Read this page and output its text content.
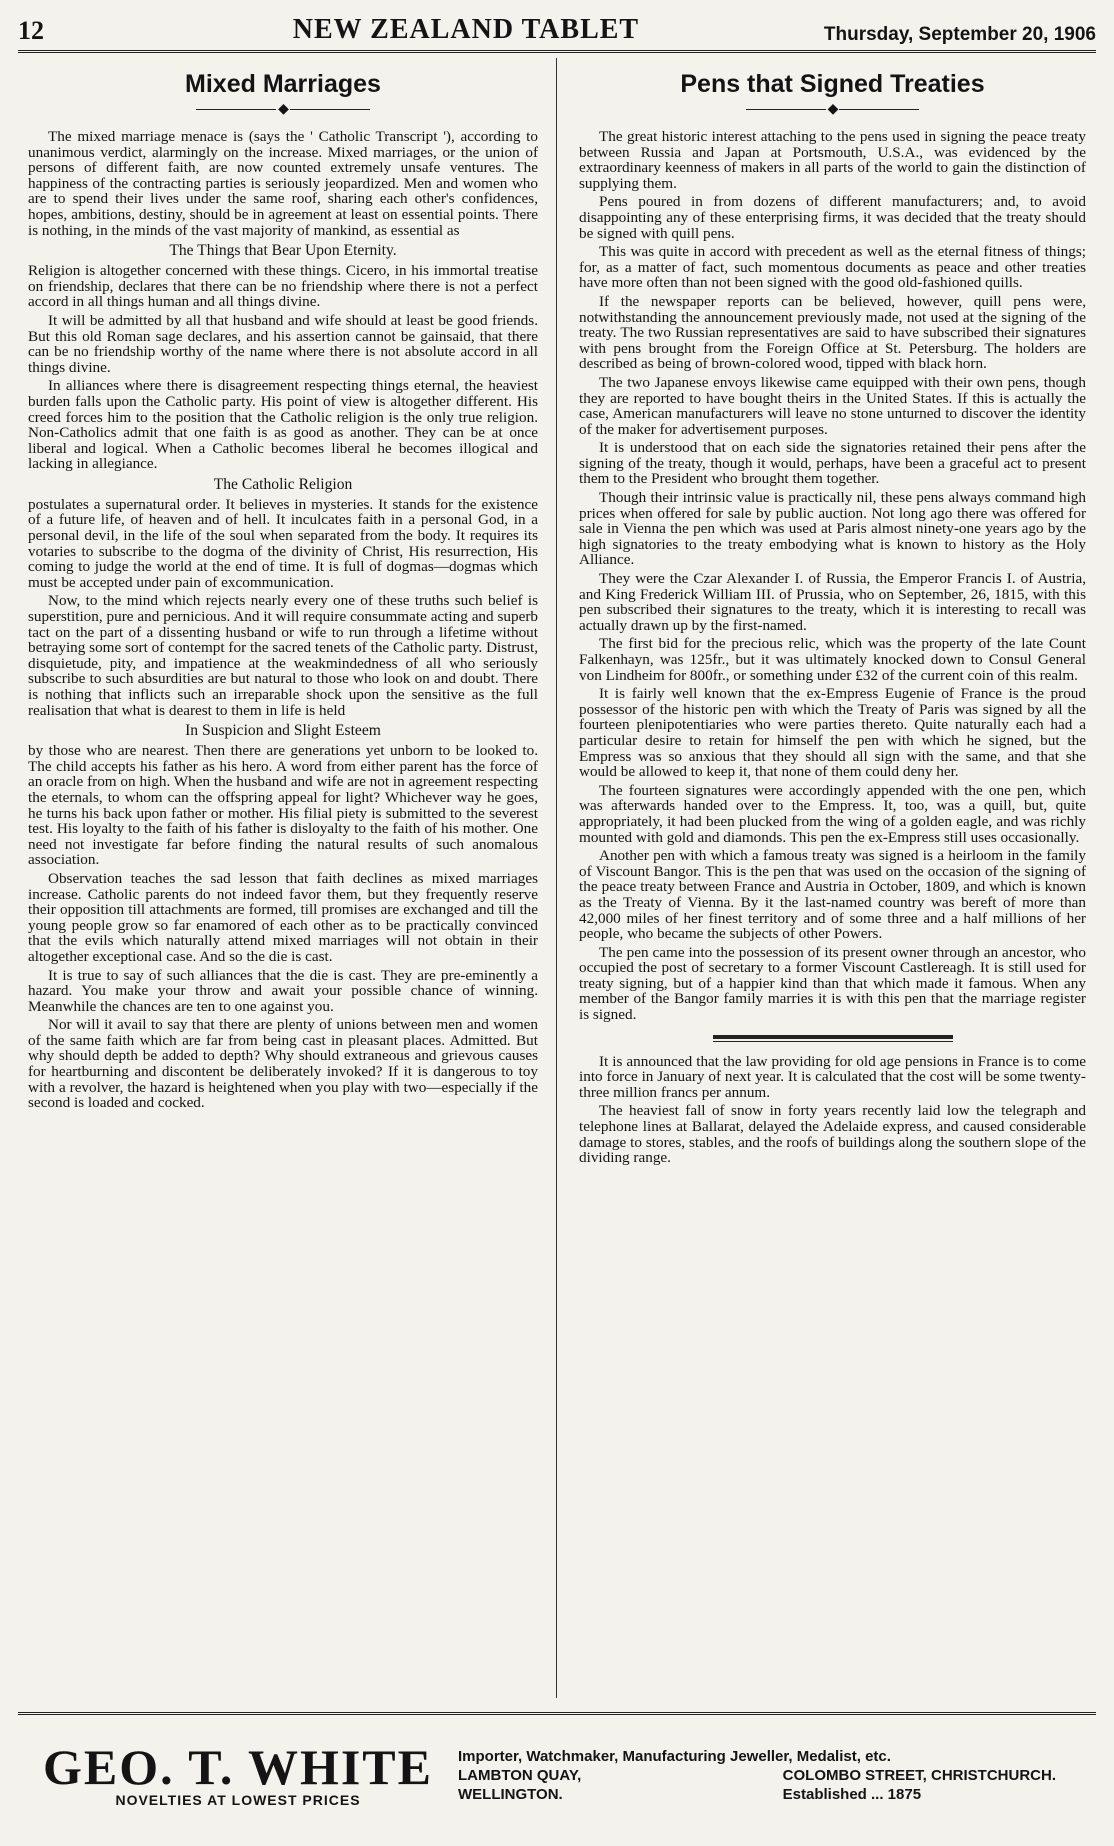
12	NEW ZEALAND TABLET	Thursday, September 20, 1906
Mixed Marriages
◆

The mixed marriage menace is (says the ' Catholic Transcript '), according to unanimous verdict, alarmingly on the increase. Mixed marriages, or the union of persons of different faith, are now counted extremely unsafe ventures. The happiness of the contracting parties is seriously jeopardized. Men and women who are to spend their lives under the same roof, sharing each other's confidences, hopes, ambitions, destiny, should be in agreement at least on essential points. There is nothing, in the minds of the vast majority of mankind, as essential as

The Things that Bear Upon Eternity.

Religion is altogether concerned with these things. Cicero, in his immortal treatise on friendship, declares that there can be no friendship where there is not a perfect accord in all things human and all things divine.

It will be admitted by all that husband and wife should at least be good friends. But this old Roman sage declares, and his assertion cannot be gainsaid, that there can be no friendship worthy of the name where there is not absolute accord in all things divine.

In alliances where there is disagreement respecting things eternal, the heaviest burden falls upon the Catholic party. His point of view is altogether different. His creed forces him to the position that the Catholic religion is the only true religion. Non-Catholics admit that one faith is as good as another. They can be at once liberal and logical. When a Catholic becomes liberal he becomes illogical and lacking in allegiance.

The Catholic Religion

postulates a supernatural order. It believes in mysteries. It stands for the existence of a future life, of heaven and of hell. It inculcates faith in a personal God, in a personal devil, in the life of the soul when separated from the body. It requires its votaries to subscribe to the dogma of the divinity of Christ, His resurrection, His coming to judge the world at the end of time. It is full of dogmas—dogmas which must be accepted under pain of excommunication.

Now, to the mind which rejects nearly every one of these truths such belief is superstition, pure and pernicious. And it will require consummate acting and superb tact on the part of a dissenting husband or wife to run through a lifetime without betraying some sort of contempt for the sacred tenets of the Catholic party. Distrust, disquietude, pity, and impatience at the weakmindedness of all who seriously subscribe to such absurdities are but natural to those who look on and doubt. There is nothing that inflicts such an irreparable shock upon the sensitive as the full realisation that what is dearest to them in life is held

In Suspicion and Slight Esteem

by those who are nearest. Then there are generations yet unborn to be looked to. The child accepts his father as his hero. A word from either parent has the force of an oracle from on high. When the husband and wife are not in agreement respecting the eternals, to whom can the offspring appeal for light? Whichever way he goes, he turns his back upon father or mother. His filial piety is submitted to the severest test. His loyalty to the faith of his father is disloyalty to the faith of his mother. One need not investigate far before finding the natural results of such anomalous association.

Observation teaches the sad lesson that faith declines as mixed marriages increase. Catholic parents do not indeed favor them, but they frequently reserve their opposition till attachments are formed, till promises are exchanged and till the young people grow so far enamored of each other as to be practically convinced that the evils which naturally attend mixed marriages will not obtain in their altogether exceptional case. And so the die is cast.

It is true to say of such alliances that the die is cast. They are pre-eminently a hazard. You make your throw and await your possible chance of winning. Meanwhile the chances are ten to one against you.

Nor will it avail to say that there are plenty of unions between men and women of the same faith which are far from being cast in pleasant places. Admitted. But why should depth be added to depth? Why should extraneous and grievous causes for heartburning and discontent be deliberately invoked? If it is dangerous to toy with a revolver, the hazard is heightened when you play with two—especially if the second is loaded and cocked.

Pens that Signed Treaties
◆

The great historic interest attaching to the pens used in signing the peace treaty between Russia and Japan at Portsmouth, U.S.A., was evidenced by the extraordinary keenness of makers in all parts of the world to gain the distinction of supplying them.

Pens poured in from dozens of different manufacturers; and, to avoid disappointing any of these enterprising firms, it was decided that the treaty should be signed with quill pens.

This was quite in accord with precedent as well as the eternal fitness of things; for, as a matter of fact, such momentous documents as peace and other treaties have more often than not been signed with the good old-fashioned quills.

If the newspaper reports can be believed, however, quill pens were, notwithstanding the announcement previously made, not used at the signing of the treaty. The two Russian representatives are said to have subscribed their signatures with pens brought from the Foreign Office at St. Petersburg. The holders are described as being of brown-colored wood, tipped with black horn.

The two Japanese envoys likewise came equipped with their own pens, though they are reported to have bought theirs in the United States. If this is actually the case, American manufacturers will leave no stone unturned to discover the identity of the maker for advertisement purposes.

It is understood that on each side the signatories retained their pens after the signing of the treaty, though it would, perhaps, have been a graceful act to present them to the President who brought them together.

Though their intrinsic value is practically nil, these pens always command high prices when offered for sale by public auction. Not long ago there was offered for sale in Vienna the pen which was used at Paris almost ninety-one years ago by the high signatories to the treaty embodying what is known to history as the Holy Alliance.

They were the Czar Alexander I. of Russia, the Emperor Francis I. of Austria, and King Frederick William III. of Prussia, who on September, 26, 1815, with this pen subscribed their signatures to the treaty, which it is interesting to recall was actually drawn up by the first-named.

The first bid for the precious relic, which was the property of the late Count Falkenhayn, was 125fr., but it was ultimately knocked down to Consul General von Lindheim for 800fr., or something under £32 of the current coin of this realm.

It is fairly well known that the ex-Empress Eugenie of France is the proud possessor of the historic pen with which the Treaty of Paris was signed by all the fourteen plenipotentiaries who were parties thereto. Quite naturally each had a particular desire to retain for himself the pen with which he signed, but the Empress was so anxious that they should all sign with the same, and that she would be allowed to keep it, that none of them could deny her.

The fourteen signatures were accordingly appended with the one pen, which was afterwards handed over to the Empress. It, too, was a quill, but, quite appropriately, it had been plucked from the wing of a golden eagle, and was richly mounted with gold and diamonds. This pen the ex-Empress still uses occasionally.

Another pen with which a famous treaty was signed is a heirloom in the family of Viscount Bangor. This is the pen that was used on the occasion of the signing of the peace treaty between France and Austria in October, 1809, and which is known as the Treaty of Vienna. By it the last-named country was bereft of more than 42,000 miles of her finest territory and of some three and a half millions of her people, who became the subjects of other Powers.

The pen came into the possession of its present owner through an ancestor, who occupied the post of secretary to a former Viscount Castlereagh. It is still used for treaty signing, but of a happier kind than that which made it famous. When any member of the Bangor family marries it is with this pen that the marriage register is signed.

It is announced that the law providing for old age pensions in France is to come into force in January of next year. It is calculated that the cost will be some twenty-three million francs per annum.

The heaviest fall of snow in forty years recently laid low the telegraph and telephone lines at Ballarat, delayed the Adelaide express, and caused considerable damage to stores, stables, and the roofs of buildings along the southern slope of the dividing range.

GEO. T. WHITE
NOVELTIES AT LOWEST PRICES
Importer, Watchmaker, Manufacturing Jeweller, Medalist, etc.
LAMBTON QUAY,
WELLINGTON.
COLOMBO STREET, CHRISTCHURCH.
Established ... 1875
